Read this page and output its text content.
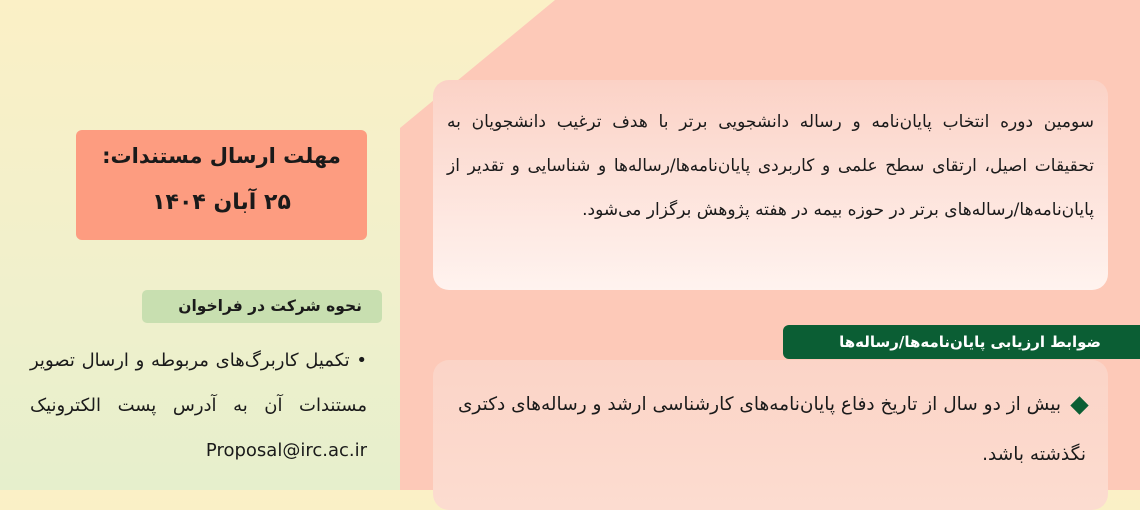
سومین دوره انتخاب پایان‌نامه و رساله دانشجویی برتر با هدف ترغیب دانشجویان به تحقیقات اصیل، ارتقای سطح علمی و کاربردی پایان‌نامه‌ها/رساله‌ها و شناسایی و تقدیر از پایان‌نامه‌ها/رساله‌های برتر در حوزه بیمه در هفته پژوهش برگزار می‌شود.

مهلت ارسال مستندات:
۲۵ آبان ۱۴۰۴
نحوه شرکت در فراخوان

• تکمیل کاربرگ‌های مربوطه و ارسال تصویر مستندات آن به آدرس پست الکترونیک Proposal@irc.ac.ir

ضوابط ارزیابی پایان‌نامه‌ها/رساله‌ها

بیش از دو سال از تاریخ دفاع پایان‌نامه‌های کارشناسی ارشد و رساله‌های دکتری نگذشته باشد.
